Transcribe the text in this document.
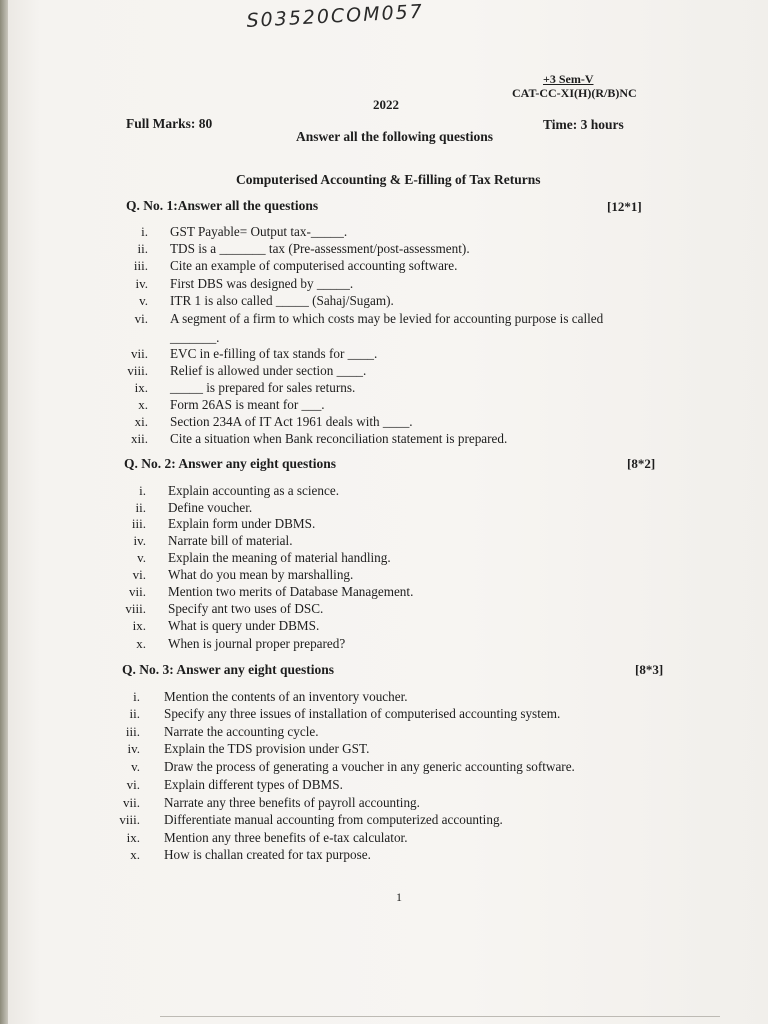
S03520COM057
+3 Sem-V
CAT-CC-XI(H)(R/B)NC
2022
Full Marks: 80	Time: 3 hours
Answer all the following questions
Computerised Accounting & E-filling of Tax Returns
Q. No. 1:Answer all the questions	[12*1]
i. GST Payable= Output tax-_____.
ii. TDS is a _______ tax (Pre-assessment/post-assessment).
iii. Cite an example of computerised accounting software.
iv. First DBS was designed by _____.
v. ITR 1 is also called _____ (Sahaj/Sugam).
vi. A segment of a firm to which costs may be levied for accounting purpose is called
_______.
vii. EVC in e-filling of tax stands for ____.
viii. Relief is allowed under section ____.
ix. _____ is prepared for sales returns.
x. Form 26AS is meant for ___.
xi. Section 234A of IT Act 1961 deals with ____.
xii. Cite a situation when Bank reconciliation statement is prepared.
Q. No. 2: Answer any eight questions	[8*2]
i. Explain accounting as a science.
ii. Define voucher.
iii. Explain form under DBMS.
iv. Narrate bill of material.
v. Explain the meaning of material handling.
vi. What do you mean by marshalling.
vii. Mention two merits of Database Management.
viii. Specify ant two uses of DSC.
ix. What is query under DBMS.
x. When is journal proper prepared?
Q. No. 3: Answer any eight questions	[8*3]
i. Mention the contents of an inventory voucher.
ii. Specify any three issues of installation of computerised accounting system.
iii. Narrate the accounting cycle.
iv. Explain the TDS provision under GST.
v. Draw the process of generating a voucher in any generic accounting software.
vi. Explain different types of DBMS.
vii. Narrate any three benefits of payroll accounting.
viii. Differentiate manual accounting from computerized accounting.
ix. Mention any three benefits of e-tax calculator.
x. How is challan created for tax purpose.
1
